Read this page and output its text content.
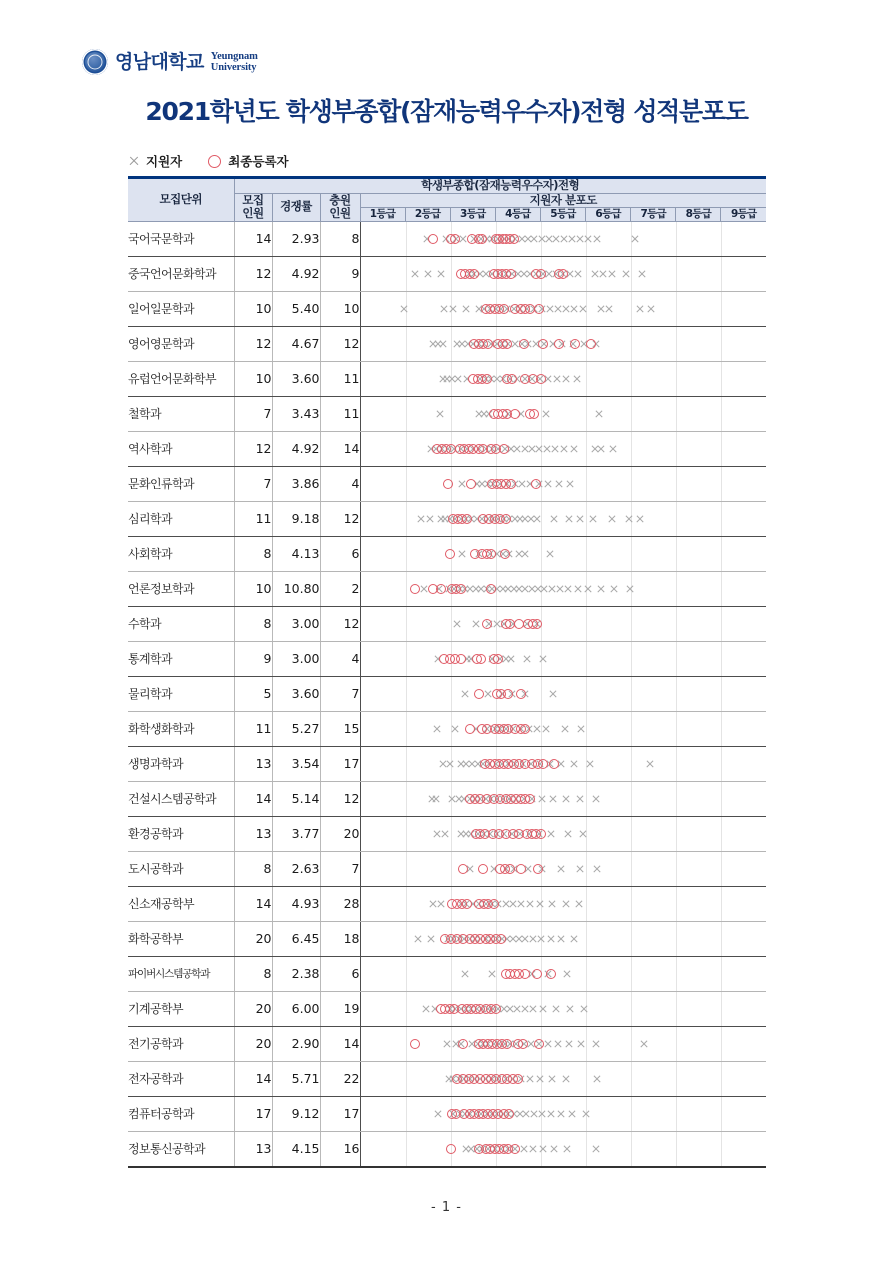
영남대학교 Yeungnam
University
2021학년도 학생부종합(잠재능력우수자)전형 성적분포도
지원자	최종등록자
모집단위	학생부종합(잠재능력우수자)전형											
	모집
인원	경쟁률	충원
인원	지원자 분포도								
				1등급	2등급	3등급	4등급	5등급	6등급	7등급	8등급	9등급
국어국문학과	14	2.93	8									

중국언어문화학과	12	4.92	9									

일어일문학과	10	5.40	10									

영어영문학과	12	4.67	12									

유럽언어문화학부	10	3.60	11									

철학과	7	3.43	11									

역사학과	12	4.92	14									

문화인류학과	7	3.86	4									

심리학과	11	9.18	12									

사회학과	8	4.13	6									

언론정보학과	10	10.80	2									

수학과	8	3.00	12									

통계학과	9	3.00	4									

물리학과	5	3.60	7									

화학생화학과	11	5.27	15									

생명과학과	13	3.54	17									

건설시스템공학과	14	5.14	12									

환경공학과	13	3.77	20									

도시공학과	8	2.63	7									

신소재공학부	14	4.93	28									

화학공학부	20	6.45	18									

파이버시스템공학과	8	2.38	6									

기계공학부	20	6.00	19									

전기공학과	20	2.90	14									

전자공학과	14	5.71	22									

컴퓨터공학과	17	9.12	17									

정보통신공학과	13	4.15	16									
- 1 -
